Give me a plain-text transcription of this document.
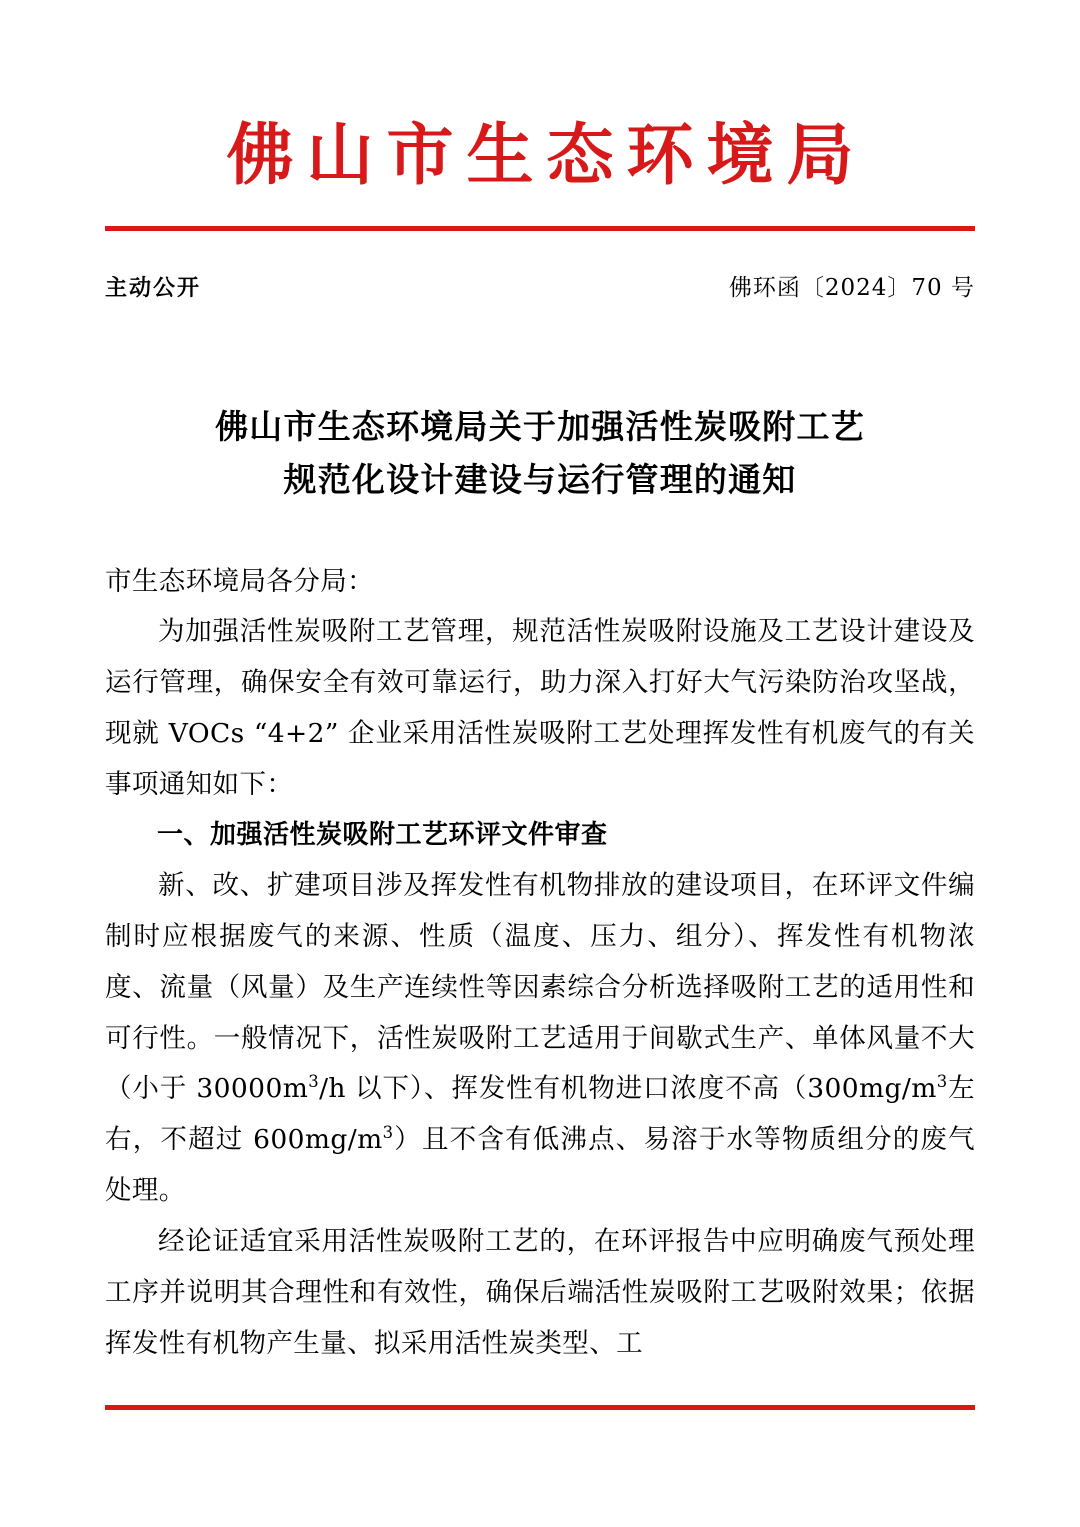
佛山市生态环境局
主动公开	佛环函〔2024〕70 号
佛山市生态环境局关于加强活性炭吸附工艺
规范化设计建设与运行管理的通知

市生态环境局各分局：

为加强活性炭吸附工艺管理，规范活性炭吸附设施及工艺设计建设及运行管理，确保安全有效可靠运行，助力深入打好大气污染防治攻坚战，现就 VOCs “4+2” 企业采用活性炭吸附工艺处理挥发性有机废气的有关事项通知如下：

一、加强活性炭吸附工艺环评文件审查

新、改、扩建项目涉及挥发性有机物排放的建设项目，在环评文件编制时应根据废气的来源、性质（温度、压力、组分）、挥发性有机物浓度、流量（风量）及生产连续性等因素综合分析选择吸附工艺的适用性和可行性。一般情况下，活性炭吸附工艺适用于间歇式生产、单体风量不大（小于 $30000m^3/h$ 以下）、挥发性有机物进口浓度不高（$300mg/m^3$左右，不超过 $600mg/m^3$）且不含有低沸点、易溶于水等物质组分的废气处理。

经论证适宜采用活性炭吸附工艺的，在环评报告中应明确废气预处理工序并说明其合理性和有效性，确保后端活性炭吸附工艺吸附效果；依据挥发性有机物产生量、拟采用活性炭类型、工
